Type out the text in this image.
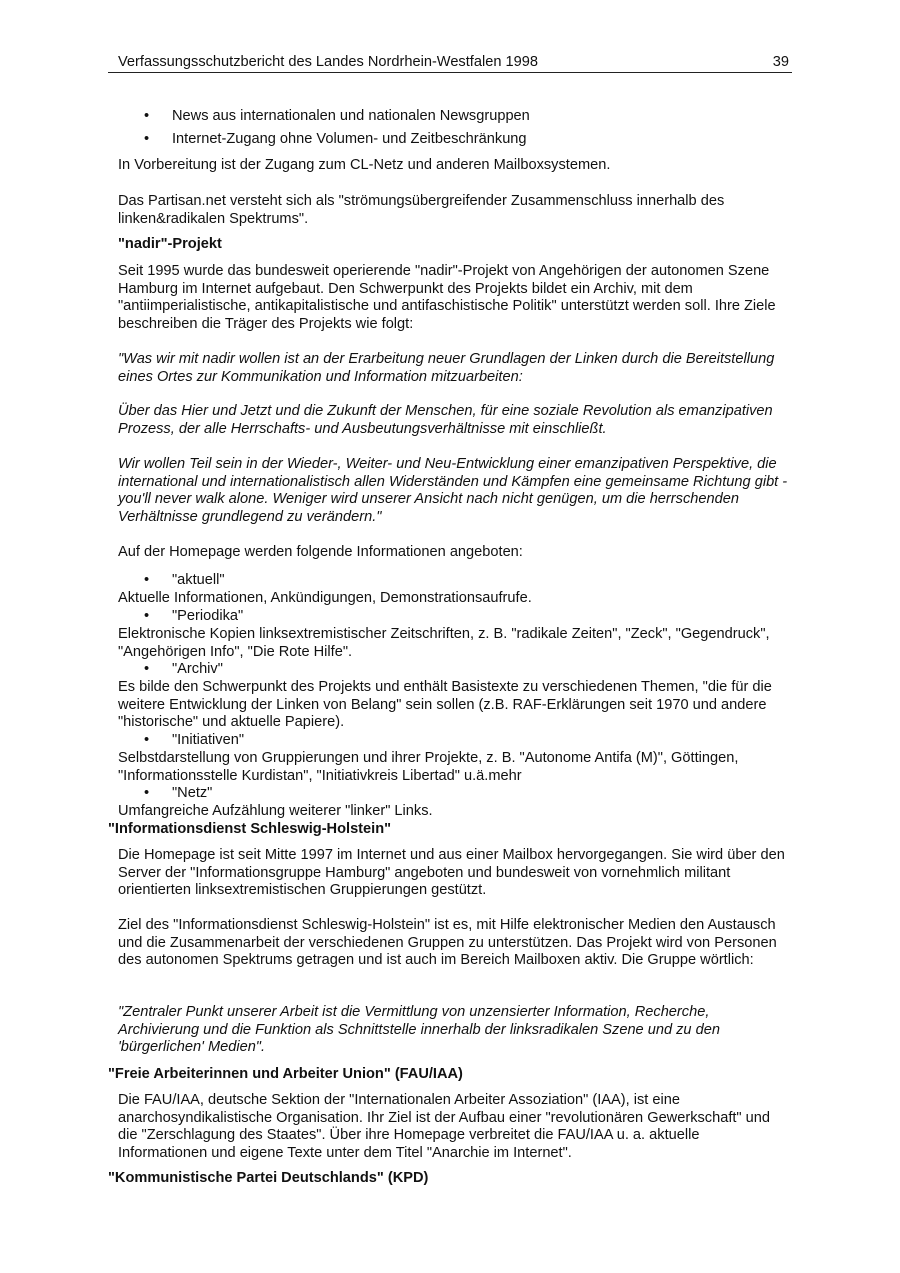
Verfassungsschutzbericht des Landes Nordrhein-Westfalen 1998	39
• News aus internationalen und nationalen Newsgruppen
• Internet-Zugang ohne Volumen- und Zeitbeschränkung

In Vorbereitung ist der Zugang zum CL-Netz und anderen Mailboxsystemen.

Das Partisan.net versteht sich als "strömungsübergreifender Zusammenschluss innerhalb des linken&radikalen Spektrums".

"nadir"-Projekt

Seit 1995 wurde das bundesweit operierende "nadir"-Projekt von Angehörigen der autonomen Szene Hamburg im Internet aufgebaut. Den Schwerpunkt des Projekts bildet ein Archiv, mit dem "antiimperialistische, antikapitalistische und antifaschistische Politik" unterstützt werden soll. Ihre Ziele beschreiben die Träger des Projekts wie folgt:

"Was wir mit nadir wollen ist an der Erarbeitung neuer Grundlagen der Linken durch die Bereitstellung eines Ortes zur Kommunikation und Information mitzuarbeiten:

Über das Hier und Jetzt und die Zukunft der Menschen, für eine soziale Revolution als emanzipativen Prozess, der alle Herrschafts- und Ausbeutungsverhältnisse mit einschließt.

Wir wollen Teil sein in der Wieder-, Weiter- und Neu-Entwicklung einer emanzipativen Perspektive, die international und internationalistisch allen Widerständen und Kämpfen eine gemeinsame Richtung gibt - you'll never walk alone. Weniger wird unserer Ansicht nach nicht genügen, um die herrschenden Verhältnisse grundlegend zu verändern."

Auf der Homepage werden folgende Informationen angeboten:

• "aktuell"

Aktuelle Informationen, Ankündigungen, Demonstrationsaufrufe.

• "Periodika"

Elektronische Kopien linksextremistischer Zeitschriften, z. B. "radikale Zeiten", "Zeck", "Gegendruck", "Angehörigen Info", "Die Rote Hilfe".

• "Archiv"

Es bilde den Schwerpunkt des Projekts und enthält Basistexte zu verschiedenen Themen, "die für die weitere Entwicklung der Linken von Belang" sein sollen (z.B. RAF-Erklärungen seit 1970 und andere "historische" und aktuelle Papiere).

• "Initiativen"

Selbstdarstellung von Gruppierungen und ihrer Projekte, z. B. "Autonome Antifa (M)", Göttingen, "Informationsstelle Kurdistan", "Initiativkreis Libertad" u.ä.mehr

• "Netz"

Umfangreiche Aufzählung weiterer "linker" Links.

"Informationsdienst Schleswig-Holstein"

Die Homepage ist seit Mitte 1997 im Internet und aus einer Mailbox hervorgegangen. Sie wird über den Server der "Informationsgruppe Hamburg" angeboten und bundesweit von vornehmlich militant orientierten linksextremistischen Gruppierungen gestützt.

Ziel des "Informationsdienst Schleswig-Holstein" ist es, mit Hilfe elektronischer Medien den Austausch und die Zusammenarbeit der verschiedenen Gruppen zu unterstützen. Das Projekt wird von Personen des autonomen Spektrums getragen und ist auch im Bereich Mailboxen aktiv. Die Gruppe wörtlich:

"Zentraler Punkt unserer Arbeit ist die Vermittlung von unzensierter Information, Recherche, Archivierung und die Funktion als Schnittstelle innerhalb der linksradikalen Szene und zu den 'bürgerlichen' Medien".

"Freie Arbeiterinnen und Arbeiter Union" (FAU/IAA)

Die FAU/IAA, deutsche Sektion der "Internationalen Arbeiter Assoziation" (IAA), ist eine anarchosyndikalistische Organisation. Ihr Ziel ist der Aufbau einer "revolutionären Gewerkschaft" und die "Zerschlagung des Staates". Über ihre Homepage verbreitet die FAU/IAA u. a. aktuelle Informationen und eigene Texte unter dem Titel "Anarchie im Internet".

"Kommunistische Partei Deutschlands" (KPD)
